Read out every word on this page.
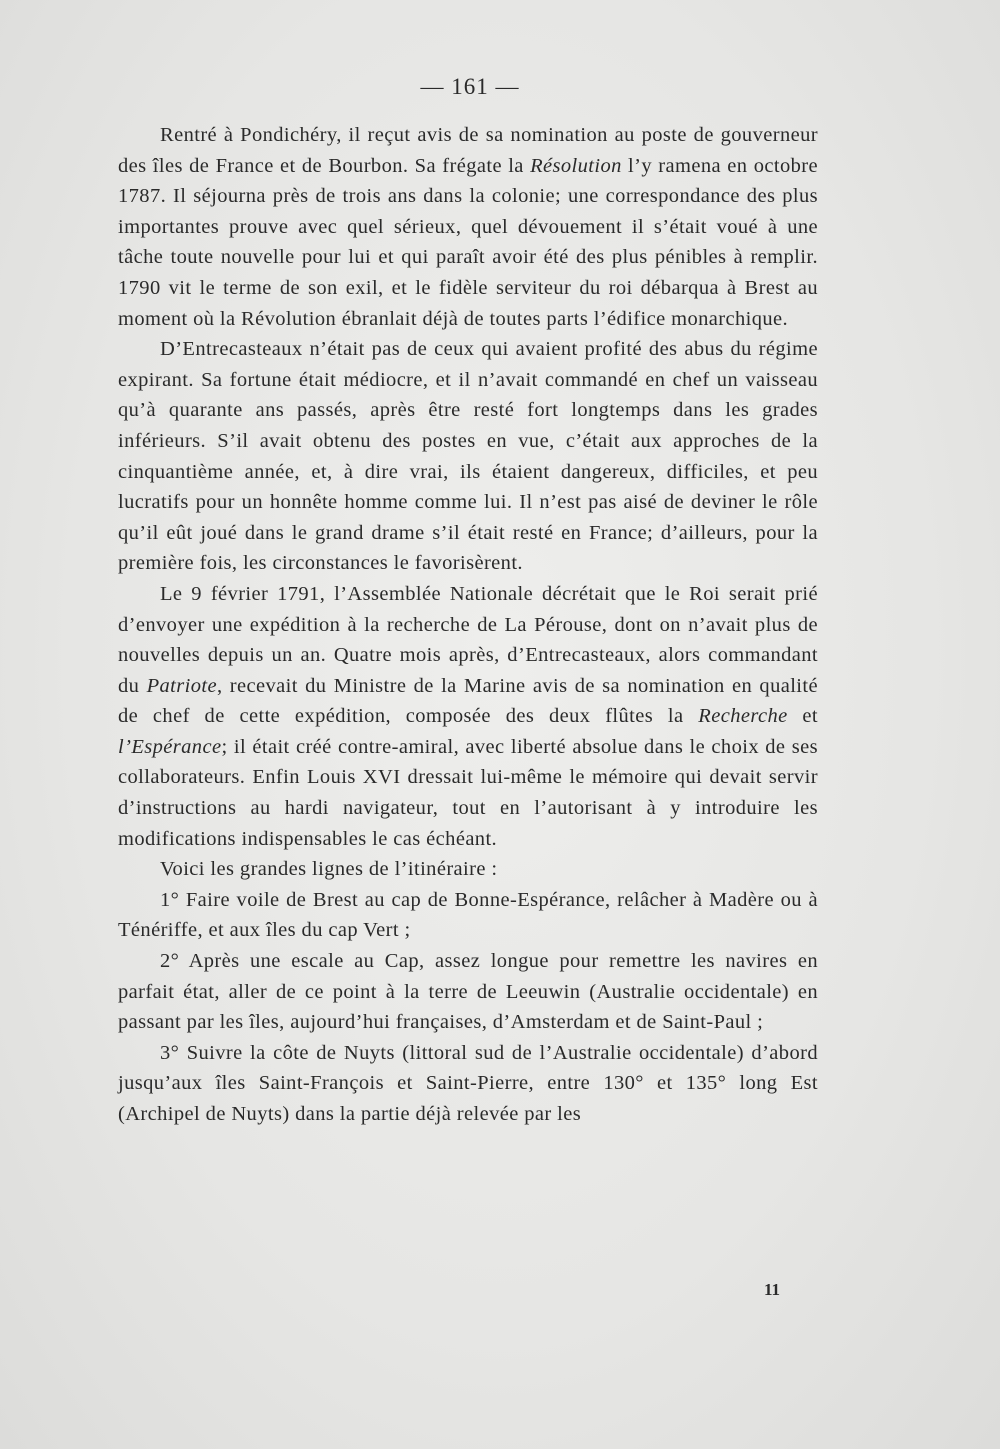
— 161 —

Rentré à Pondichéry, il reçut avis de sa nomination au poste de gouverneur des îles de France et de Bourbon. Sa frégate la Résolution l’y ramena en octobre 1787. Il séjourna près de trois ans dans la colonie; une correspondance des plus importantes prouve avec quel sérieux, quel dévouement il s’était voué à une tâche toute nouvelle pour lui et qui paraît avoir été des plus pénibles à remplir. 1790 vit le terme de son exil, et le fidèle serviteur du roi débarqua à Brest au moment où la Révolution ébranlait déjà de toutes parts l’édifice monarchique.

D’Entrecasteaux n’était pas de ceux qui avaient profité des abus du régime expirant. Sa fortune était médiocre, et il n’avait commandé en chef un vaisseau qu’à quarante ans passés, après être resté fort longtemps dans les grades inférieurs. S’il avait obtenu des postes en vue, c’était aux approches de la cinquantième année, et, à dire vrai, ils étaient dangereux, difficiles, et peu lucratifs pour un honnête homme comme lui. Il n’est pas aisé de deviner le rôle qu’il eût joué dans le grand drame s’il était resté en France; d’ailleurs, pour la première fois, les circonstances le favorisèrent.

Le 9 février 1791, l’Assemblée Nationale décrétait que le Roi serait prié d’envoyer une expédition à la recherche de La Pérouse, dont on n’avait plus de nouvelles depuis un an. Quatre mois après, d’Entrecasteaux, alors commandant du Patriote, recevait du Ministre de la Marine avis de sa nomination en qualité de chef de cette expédition, composée des deux flûtes la Recherche et l’Espérance; il était créé contre-amiral, avec liberté absolue dans le choix de ses collaborateurs. Enfin Louis XVI dressait lui-même le mémoire qui devait servir d’instructions au hardi navigateur, tout en l’autorisant à y introduire les modifications indispensables le cas échéant.

Voici les grandes lignes de l’itinéraire :

1° Faire voile de Brest au cap de Bonne-Espérance, relâcher à Madère ou à Ténériffe, et aux îles du cap Vert ;

2° Après une escale au Cap, assez longue pour remettre les navires en parfait état, aller de ce point à la terre de Leeuwin (Australie occidentale) en passant par les îles, aujourd’hui françaises, d’Amsterdam et de Saint-Paul ;

3° Suivre la côte de Nuyts (littoral sud de l’Australie occidentale) d’abord jusqu’aux îles Saint-François et Saint-Pierre, entre 130° et 135° long Est (Archipel de Nuyts) dans la partie déjà relevée par les

11
